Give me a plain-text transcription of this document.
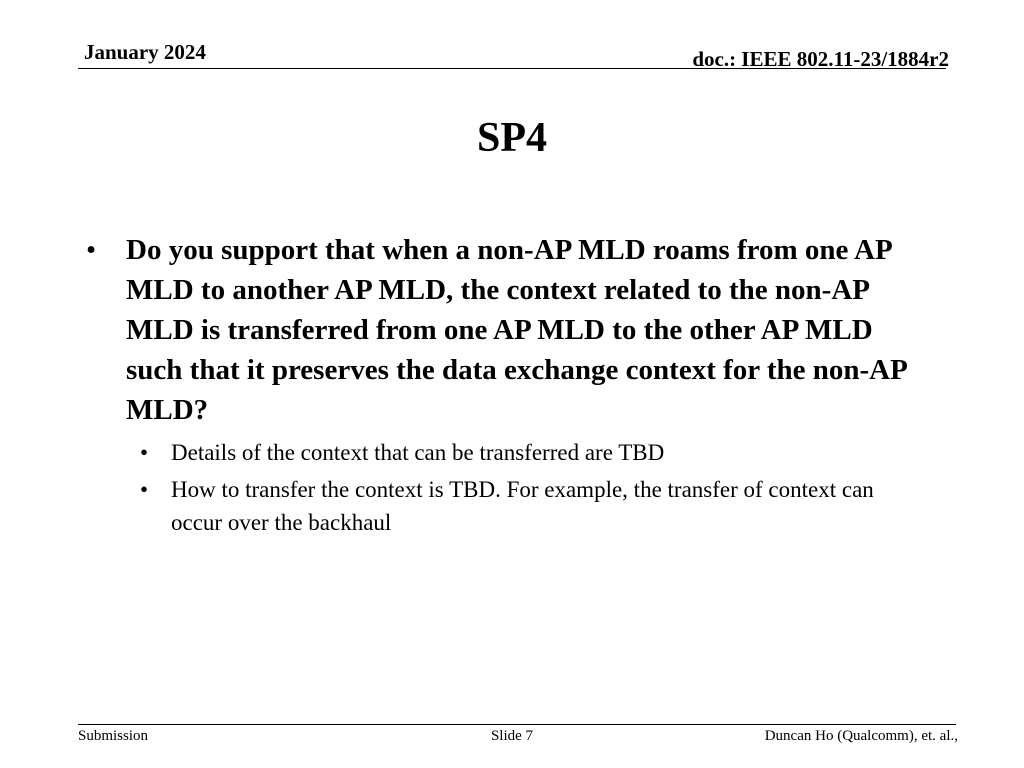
January 2024	doc.: IEEE 802.11-23/1884r2
SP4
• Do you support that when a non-AP MLD roams from one AP MLD to another AP MLD, the context related to the non-AP MLD is transferred from one AP MLD to the other AP MLD such that it preserves the data exchange context for the non-AP MLD?
• Details of the context that can be transferred are TBD
• How to transfer the context is TBD. For example, the transfer of context can occur over the backhaul
Submission	Slide 7	Duncan Ho (Qualcomm), et. al.,
